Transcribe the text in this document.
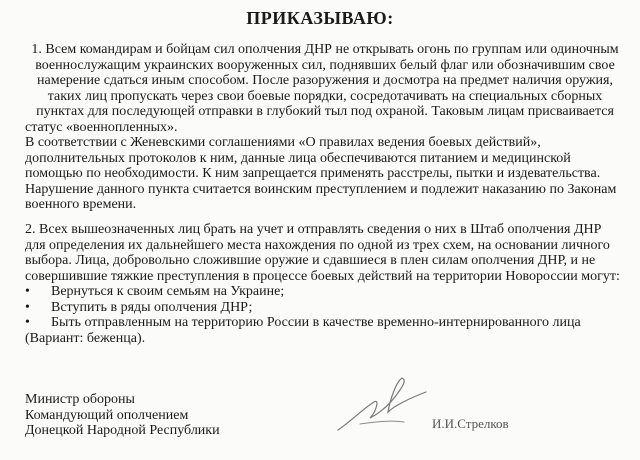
ПРИКАЗЫВАЮ:
1. Всем командирам и бойцам сил ополчения ДНР не открывать огонь по группам или одиночным
военнослужащим украинских вооруженных сил, поднявших белый флаг или обозначившим свое
намерение сдаться иным способом. После разоружения и досмотра на предмет наличия оружия,
таких лиц пропускать через свои боевые порядки, сосредотачивать на специальных сборных
пунктах для последующей отправки в глубокий тыл под охраной. Таковым лицам присваивается
статус «военнопленных».
В соответствии с Женевскими соглашениями «О правилах ведения боевых действий»,
дополнительных протоколов к ним, данные лица обеспечиваются питанием и медицинской
помощью по необходимости. К ним запрещается применять расстрелы, пытки и издевательства.
Нарушение данного пункта считается воинским преступлением и подлежит наказанию по Законам
военного времени.
2. Всех вышеозначенных лиц брать на учет и отправлять сведения о них в Штаб ополчения ДНР
для определения их дальнейшего места нахождения по одной из трех схем, на основании личного
выбора. Лица, добровольно сложившие оружие и сдавшиеся в плен силам ополчения ДНР, и не
совершившие тяжкие преступления в процессе боевых действий на территории Новороссии могут:
• Вернуться к своим семьям на Украине;
• Вступить в ряды ополчения ДНР;
• Быть отправленным на территорию России в качестве временно-интернированного лица
(Вариант: беженца).
Министр обороны
Командующий ополчением
Донецкой Народной Республики	И.И.Стрелков
